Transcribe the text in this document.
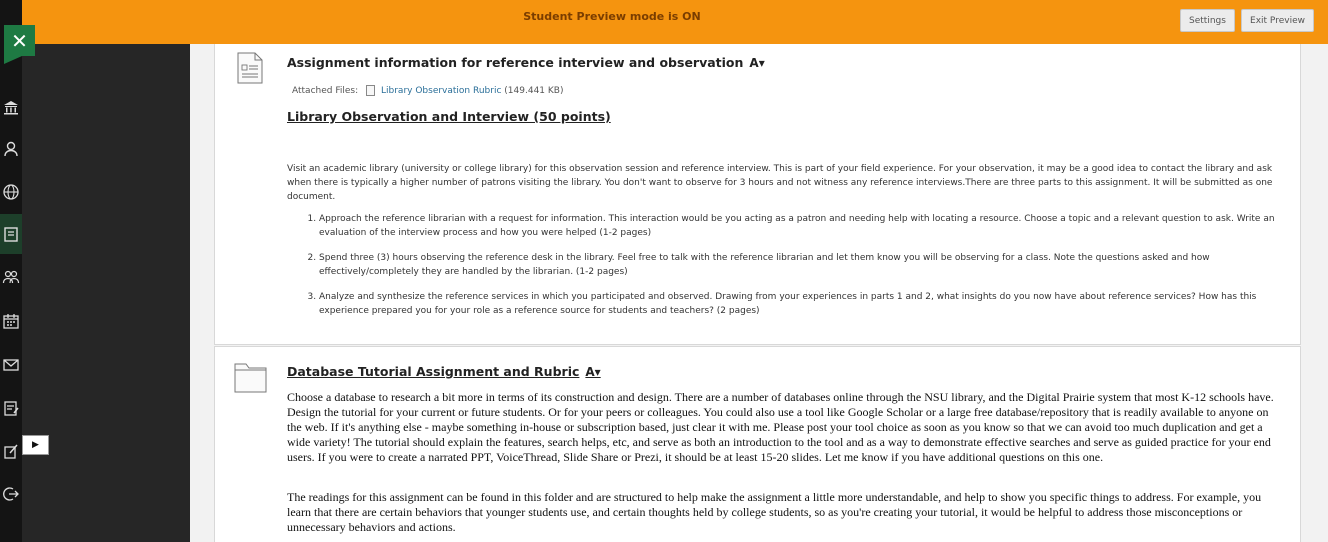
✕
▶
Student Preview mode is ON	Settings	Exit Preview
Assignment information for reference interview and observation A▾
Attached Files:	Library Observation Rubric (149.441 KB)
Library Observation and Interview (50 points)
Visit an academic library (university or college library) for this observation session and reference interview. This is part of your field experience. For your observation, it may be a good idea to contact the library and ask when there is typically a higher number of patrons visiting the library. You don't want to observe for 3 hours and not witness any reference interviews.There are three parts to this assignment. It will be submitted as one document.
1. Approach the reference librarian with a request for information. This interaction would be you acting as a patron and needing help with locating a resource. Choose a topic and a relevant question to ask. Write an evaluation of the interview process and how you were helped (1-2 pages)
2. Spend three (3) hours observing the reference desk in the library. Feel free to talk with the reference librarian and let them know you will be observing for a class. Note the questions asked and how effectively/completely they are handled by the librarian. (1-2 pages)
3. Analyze and synthesize the reference services in which you participated and observed. Drawing from your experiences in parts 1 and 2, what insights do you now have about reference services? How has this experience prepared you for your role as a reference source for students and teachers? (2 pages)
Database Tutorial Assignment and Rubric A▾
Choose a database to research a bit more in terms of its construction and design. There are a number of databases online through the NSU library, and the Digital Prairie system that most K-12 schools have. Design the tutorial for your current or future students. Or for your peers or colleagues. You could also use a tool like Google Scholar or a large free database/repository that is readily available to anyone on the web. If it's anything else - maybe something in-house or subscription based, just clear it with me. Please post your tool choice as soon as you know so that we can avoid too much duplication and get a wide variety! The tutorial should explain the features, search helps, etc, and serve as both an introduction to the tool and as a way to demonstrate effective searches and serve as guided practice for your end users. If you were to create a narrated PPT, VoiceThread, Slide Share or Prezi, it should be at least 15-20 slides. Let me know if you have additional questions on this one.
The readings for this assignment can be found in this folder and are structured to help make the assignment a little more understandable, and help to show you specific things to address. For example, you learn that there are certain behaviors that younger students use, and certain thoughts held by college students, so as you're creating your tutorial, it would be helpful to address those misconceptions or unnecessary behaviors and actions.
